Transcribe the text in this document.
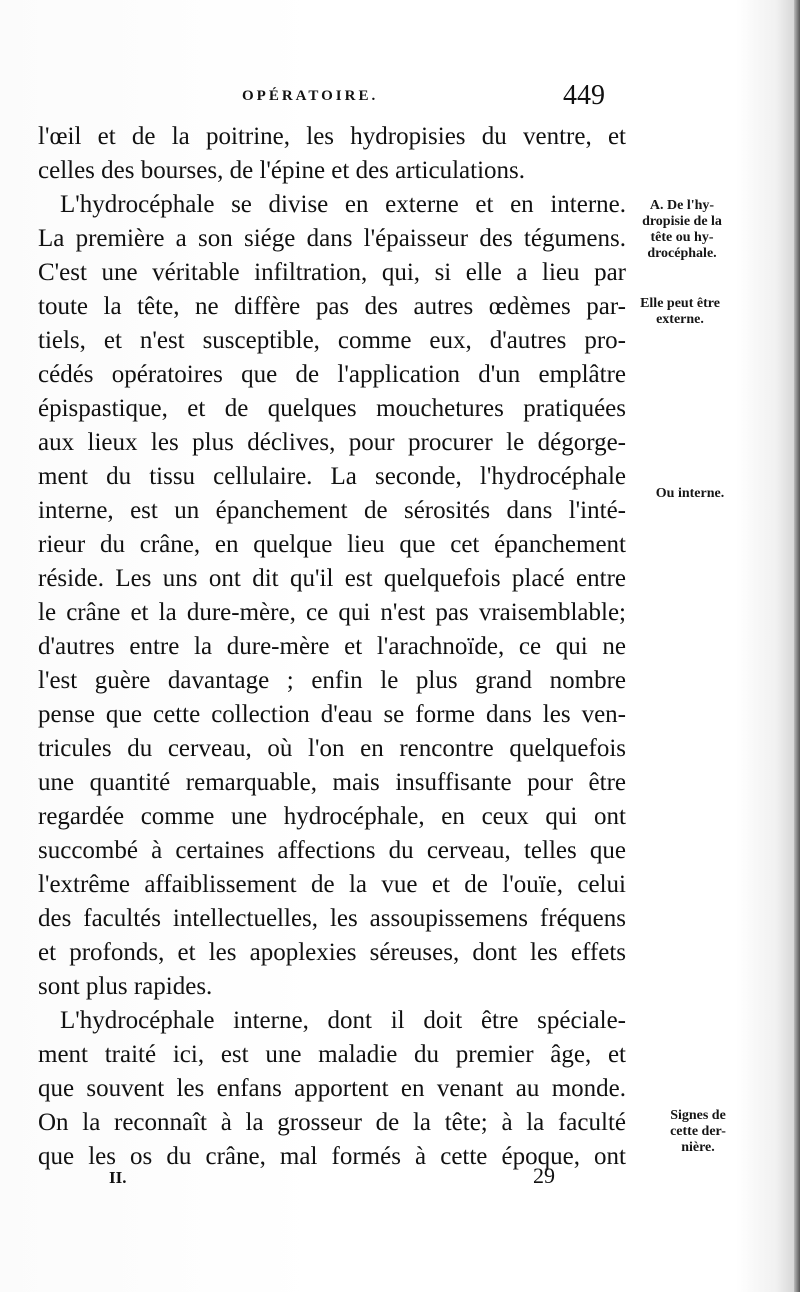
OPÉRATOIRE.	449
l'œil et de la poitrine, les hydropisies du ventre, et
celles des bourses, de l'épine et des articulations.
L'hydrocéphale se divise en externe et en interne.
La première a son siége dans l'épaisseur des tégumens.
C'est une véritable infiltration, qui, si elle a lieu par
toute la tête, ne diffère pas des autres œdèmes par-
tiels, et n'est susceptible, comme eux, d'autres pro-
cédés opératoires que de l'application d'un emplâtre
épispastique, et de quelques mouchetures pratiquées
aux lieux les plus déclives, pour procurer le dégorge-
ment du tissu cellulaire. La seconde, l'hydrocéphale
interne, est un épanchement de sérosités dans l'inté-
rieur du crâne, en quelque lieu que cet épanchement
réside. Les uns ont dit qu'il est quelquefois placé entre
le crâne et la dure-mère, ce qui n'est pas vraisemblable;
d'autres entre la dure-mère et l'arachnoïde, ce qui ne
l'est guère davantage ; enfin le plus grand nombre
pense que cette collection d'eau se forme dans les ven-
tricules du cerveau, où l'on en rencontre quelquefois
une quantité remarquable, mais insuffisante pour être
regardée comme une hydrocéphale, en ceux qui ont
succombé à certaines affections du cerveau, telles que
l'extrême affaiblissement de la vue et de l'ouïe, celui
des facultés intellectuelles, les assoupissemens fréquens
et profonds, et les apoplexies séreuses, dont les effets
sont plus rapides.
L'hydrocéphale interne, dont il doit être spéciale-
ment traité ici, est une maladie du premier âge, et
que souvent les enfans apportent en venant au monde.
On la reconnaît à la grosseur de la tête; à la faculté
que les os du crâne, mal formés à cette époque, ont
A. De l'hy-dropisie de la tête ou hy-drocéphale.
Elle peut être externe.
Ou interne.
Signes de cette der-nière.
II.	29
